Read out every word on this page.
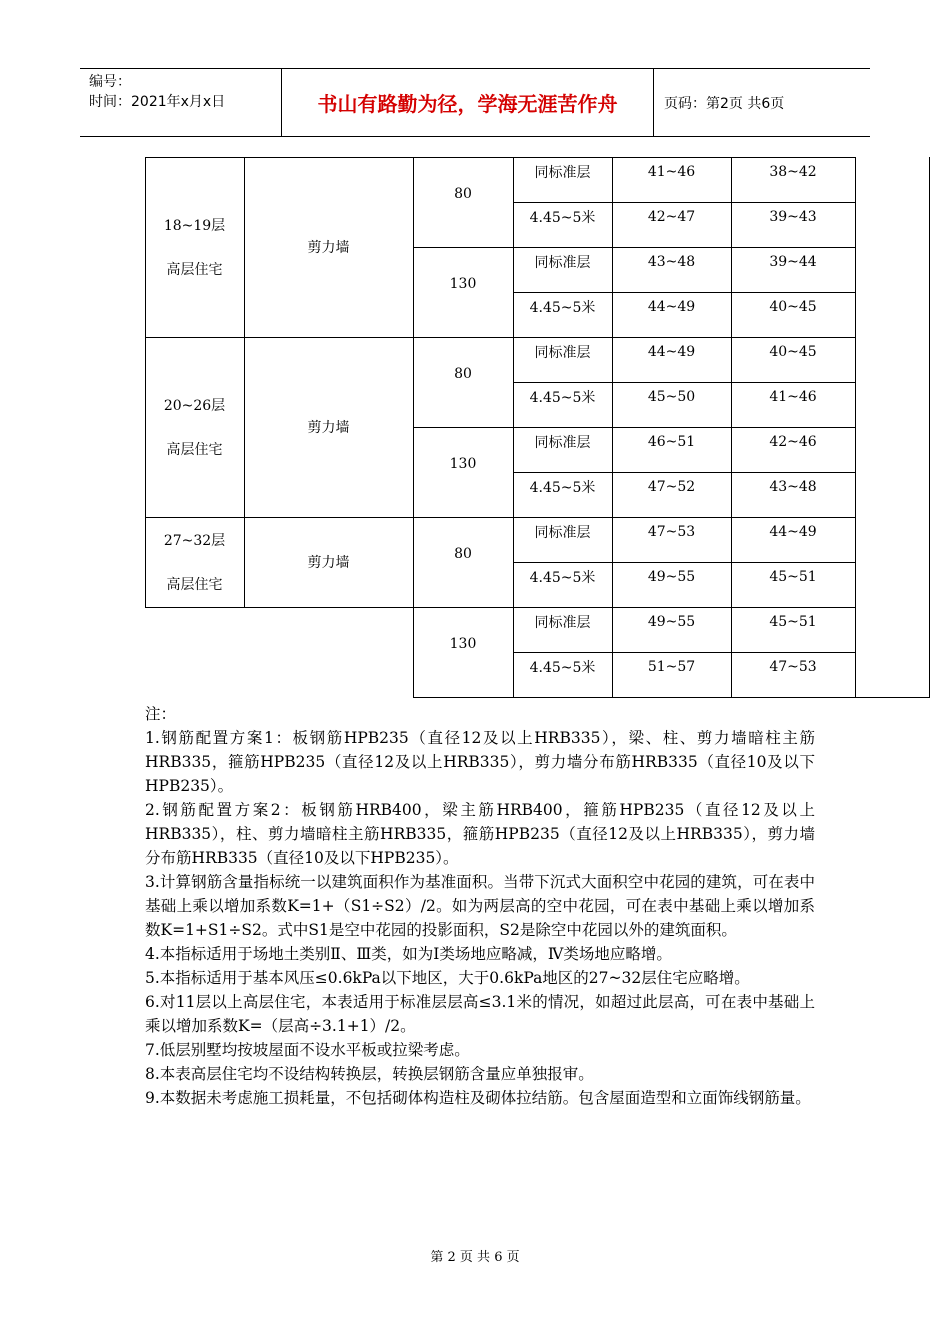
编号：
时间：2021年x月x日	书山有路勤为径，学海无涯苦作舟	页码：第2页 共6页
18~19层
高层住宅
剪力墙
80
同标准层	41~46	38~42
4.45~5米	42~47	39~43
130
同标准层	43~48	39~44
4.45~5米	44~49	40~45
20~26层
高层住宅
剪力墙
80
同标准层	44~49	40~45
4.45~5米	45~50	41~46
130
同标准层	46~51	42~46
4.45~5米	47~52	43~48
27~32层
高层住宅
剪力墙
80
同标准层	47~53	44~49
4.45~5米	49~55	45~51
130
同标准层	49~55	45~51
4.45~5米	51~57	47~53

注：

1.钢筋配置方案1：板钢筋HPB235（直径12及以上HRB335），梁、柱、剪力墙暗柱主筋HRB335，箍筋HPB235（直径12及以上HRB335），剪力墙分布筋HRB335（直径10及以下HPB235）。

2.钢筋配置方案2：板钢筋HRB400，梁主筋HRB400，箍筋HPB235（直径12及以上HRB335），柱、剪力墙暗柱主筋HRB335，箍筋HPB235（直径12及以上HRB335），剪力墙分布筋HRB335（直径10及以下HPB235）。

3.计算钢筋含量指标统一以建筑面积作为基准面积。当带下沉式大面积空中花园的建筑，可在表中基础上乘以增加系数K=1+（S1÷S2）/2。如为两层高的空中花园，可在表中基础上乘以增加系数K=1+S1÷S2。式中S1是空中花园的投影面积，S2是除空中花园以外的建筑面积。

4.本指标适用于场地土类别Ⅱ、Ⅲ类，如为Ⅰ类场地应略减，Ⅳ类场地应略增。

5.本指标适用于基本风压≤0.6kPa以下地区，大于0.6kPa地区的27~32层住宅应略增。

6.对11层以上高层住宅，本表适用于标准层层高≤3.1米的情况，如超过此层高，可在表中基础上乘以增加系数K=（层高÷3.1+1）/2。

7.低层别墅均按坡屋面不设水平板或拉梁考虑。

8.本表高层住宅均不设结构转换层，转换层钢筋含量应单独报审。

9.本数据未考虑施工损耗量，不包括砌体构造柱及砌体拉结筋。包含屋面造型和立面饰线钢筋量。

第 2 页 共 6 页
